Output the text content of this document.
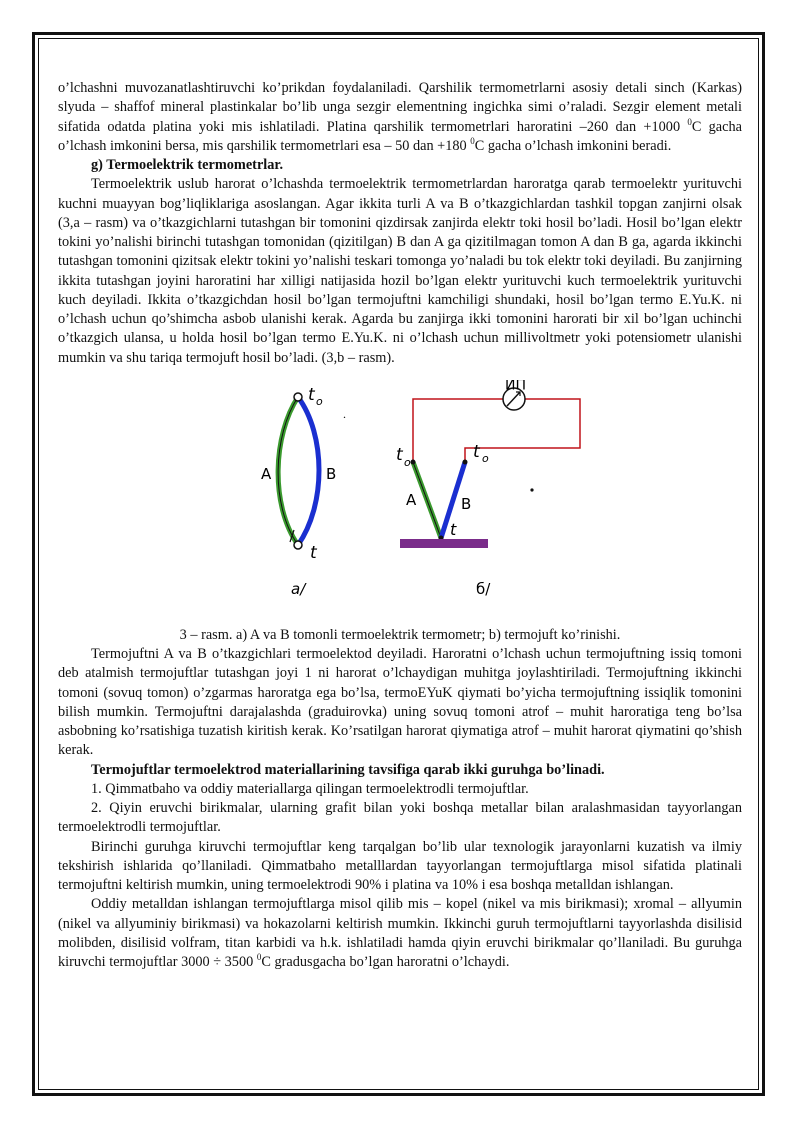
o’lchashni muvozanatlashtiruvchi ko’prikdan foydalaniladi. Qarshilik termometrlarni asosiy detali sinch (Karkas) slyuda – shaffof mineral plastinkalar bo’lib unga sezgir elementning ingichka simi o’raladi. Sezgir element metali sifatida odatda platina yoki mis ishlatiladi. Platina qarshilik termometrlari haroratini –260 dan +1000 $^0$C gacha o’lchash imkonini bersa, mis qarshilik termometrlari esa – 50 dan +180 $^0$C gacha o’lchash imkonini beradi.

g) Termoelektrik termometrlar.

Termoelektrik uslub harorat o’lchashda termoelektrik termometrlardan haroratga qarab termoelektr yurituvchi kuchni muayyan bog’liqliklariga asoslangan. Agar ikkita turli A va B o’tkazgichlardan tashkil topgan zanjirni olsak (3,a – rasm) va o’tkazgichlarni tutashgan bir tomonini qizdirsak zanjirda elektr toki hosil bo’ladi. Hosil bo’lgan elektr tokini yo’nalishi birinchi tutashgan tomonidan (qizitilgan) B dan A ga qizitilmagan tomon A dan B ga, agarda ikkinchi tutashgan tomonini qizitsak elektr tokini yo’nalishi teskari tomonga yo’naladi bu tok elektr toki deyiladi. Bu zanjirning ikkita tutashgan joyini haroratini har xilligi natijasida hozil bo’lgan elektr yurituvchi kuch termoelektrik yurituvchi kuch deyiladi. Ikkita o’tkazgichdan hosil bo’lgan termojuftni kamchiligi shundaki, hosil bo’lgan termo E.Yu.K. ni o’lchash uchun qo’shimcha asbob ulanishi kerak. Agarda bu zanjirga ikki tomonini harorati bir xil bo’lgan uchinchi o’tkazgich ulansa, u holda hosil bo’lgan termo E.Yu.K. ni o’lchash uchun millivoltmetr yoki potensiometr ulanishi mumkin va shu tariqa termojuft hosil bo’ladi. (3,b – rasm).

t o
t
A	B
a/
.
ИП
t o
t o
t
A	B
б/

3 – rasm. a) A va B tomonli termoelektrik termometr; b) termojuft ko’rinishi.

Termojuftni A va B o’tkazgichlari termoelektod deyiladi. Haroratni o’lchash uchun termojuftning issiq tomoni deb atalmish termojuftlar tutashgan joyi 1 ni harorat o’lchaydigan muhitga joylashtiriladi. Termojuftning ikkinchi tomoni (sovuq tomon) o’zgarmas haroratga ega bo’lsa, termoEYuK qiymati bo’yicha termojuftning issiqlik tomonini bilish mumkin. Termojuftni darajalashda (graduirovka) uning sovuq tomoni atrof – muhit haroratiga teng bo’lsa asbobning ko’rsatishiga tuzatish kiritish kerak. Ko’rsatilgan harorat qiymatiga atrof – muhit harorat qiymatini qo’shish kerak.

Termojuftlar termoelektrod materiallarining tavsifiga qarab ikki guruhga bo’linadi.

1. Qimmatbaho va oddiy materiallarga qilingan termoelektrodli termojuftlar.

2. Qiyin eruvchi birikmalar, ularning grafit bilan yoki boshqa metallar bilan aralashmasidan tayyorlangan termoelektrodli termojuftlar.

Birinchi guruhga kiruvchi termojuftlar keng tarqalgan bo’lib ular texnologik jarayonlarni kuzatish va ilmiy tekshirish ishlarida qo’llaniladi. Qimmatbaho metalllardan tayyorlangan termojuftlarga misol sifatida platinali termojuftni keltirish mumkin, uning termoelektrodi 90% i platina va 10% i esa boshqa metalldan ishlangan.

Oddiy metalldan ishlangan termojuftlarga misol qilib mis – kopel (nikel va mis birikmasi); xromal – allyumin (nikel va allyuminiy birikmasi) va hokazolarni keltirish mumkin. Ikkinchi guruh termojuftlarni tayyorlashda disilisid molibden, disilisid volfram, titan karbidi va h.k. ishlatiladi hamda qiyin eruvchi birikmalar qo’llaniladi. Bu guruhga kiruvchi termojuftlar 3000 ÷ 3500 $^0$C gradusgacha bo’lgan haroratni o’lchaydi.
